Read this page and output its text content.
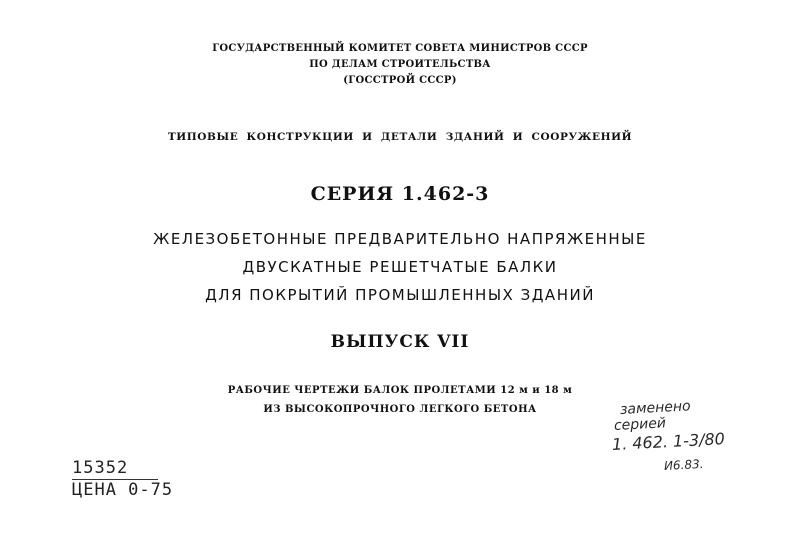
ГОСУДАРСТВЕННЫЙ КОМИТЕТ СОВЕТА МИНИСТРОВ СССР
ПО ДЕЛАМ СТРОИТЕЛЬСТВА
(ГОССТРОЙ СССР)
ТИПОВЫЕ КОНСТРУКЦИИ И ДЕТАЛИ ЗДАНИЙ И СООРУЖЕНИЙ
СЕРИЯ 1.462-3
ЖЕЛЕЗОБЕТОННЫЕ ПРЕДВАРИТЕЛЬНО НАПРЯЖЕННЫЕ
ДВУСКАТНЫЕ РЕШЕТЧАТЫЕ БАЛКИ
ДЛЯ ПОКРЫТИЙ ПРОМЫШЛЕННЫХ ЗДАНИЙ
ВЫПУСК VII
РАБОЧИЕ ЧЕРТЕЖИ БАЛОК ПРОЛЕТАМИ 12 м и 18 м
ИЗ ВЫСОКОПРОЧНОГО ЛЕГКОГО БЕТОНА
15352
ЦЕНА 0-75
заменено
серией
1. 462. 1-3/80
И6.83.
